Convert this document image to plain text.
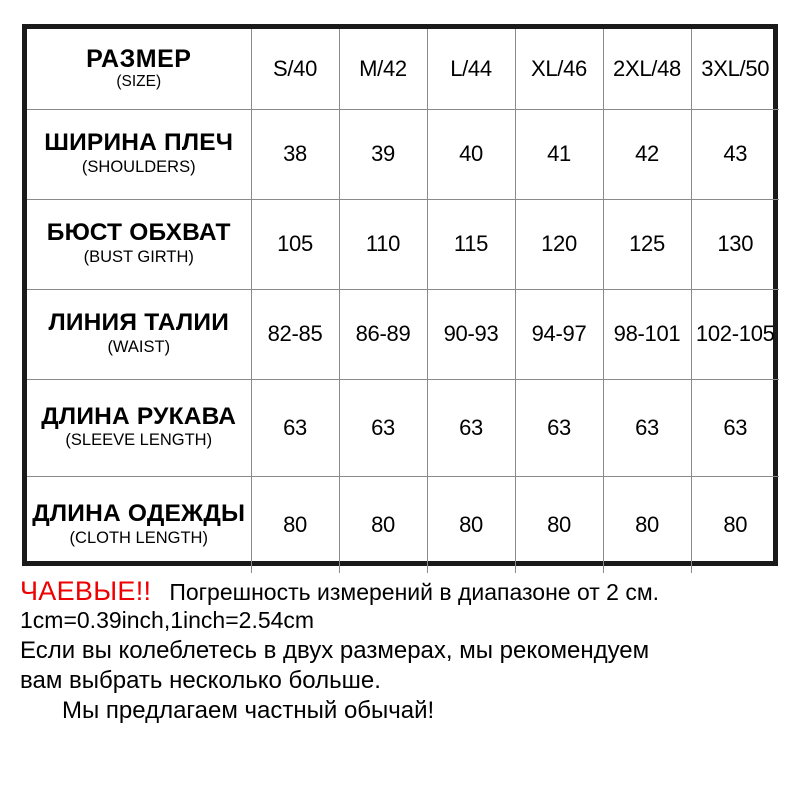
РАЗМЕР
(SIZE)	S/40	M/42	L/44	XL/46	2XL/48	3XL/50

ШИРИНА ПЛЕЧ
(SHOULDERS)	38	39	40	41	42	43

БЮСТ ОБХВАТ
(BUST GIRTH)	105	110	115	120	125	130

ЛИНИЯ ТАЛИИ
(WAIST)	82-85	86-89	90-93	94-97	98-101	102-105

ДЛИНА РУКАВА
(SLEEVE LENGTH)	63	63	63	63	63	63

ДЛИНА ОДЕЖДЫ
(CLOTH LENGTH)	80	80	80	80	80	80
ЧАЕВЫЕ!! Погрешность измерений в диапазоне от 2 см.
1cm=0.39inch,1inch=2.54cm
Если вы колеблетесь в двух размерах, мы рекомендуем
вам выбрать несколько больше.
Мы предлагаем частный обычай!
